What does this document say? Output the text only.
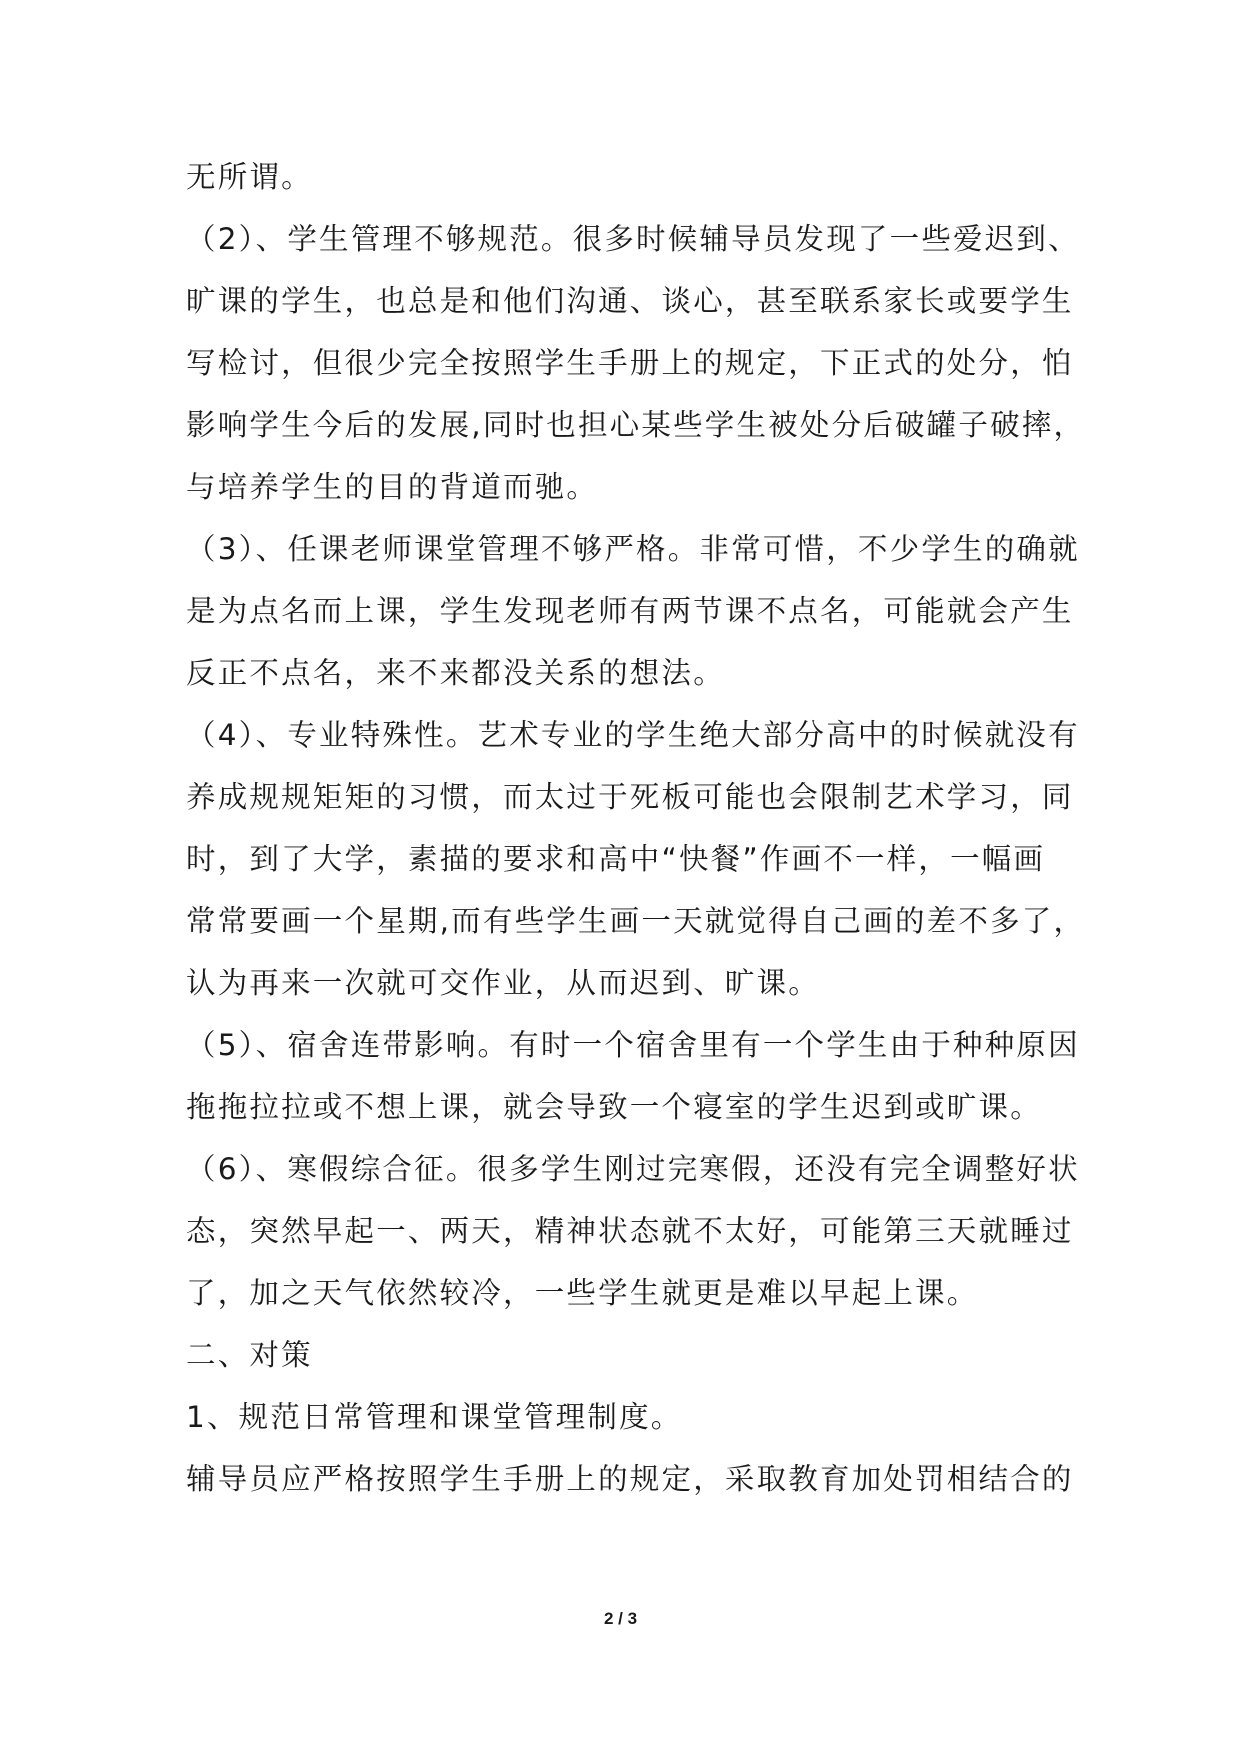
无所谓。
（2）、学生管理不够规范。很多时候辅导员发现了一些爱迟到、
旷课的学生，也总是和他们沟通、谈心，甚至联系家长或要学生
写检讨，但很少完全按照学生手册上的规定，下正式的处分，怕
影响学生今后的发展,同时也担心某些学生被处分后破罐子破摔，
与培养学生的目的背道而驰。
（3）、任课老师课堂管理不够严格。非常可惜，不少学生的确就
是为点名而上课，学生发现老师有两节课不点名，可能就会产生
反正不点名，来不来都没关系的想法。
（4）、专业特殊性。艺术专业的学生绝大部分高中的时候就没有
养成规规矩矩的习惯，而太过于死板可能也会限制艺术学习，同
时，到了大学，素描的要求和高中“快餐”作画不一样，一幅画
常常要画一个星期,而有些学生画一天就觉得自己画的差不多了，
认为再来一次就可交作业，从而迟到、旷课。
（5）、宿舍连带影响。有时一个宿舍里有一个学生由于种种原因
拖拖拉拉或不想上课，就会导致一个寝室的学生迟到或旷课。
（6）、寒假综合征。很多学生刚过完寒假，还没有完全调整好状
态，突然早起一、两天，精神状态就不太好，可能第三天就睡过
了，加之天气依然较冷，一些学生就更是难以早起上课。
二、对策
1、规范日常管理和课堂管理制度。
辅导员应严格按照学生手册上的规定，采取教育加处罚相结合的
2 / 3
